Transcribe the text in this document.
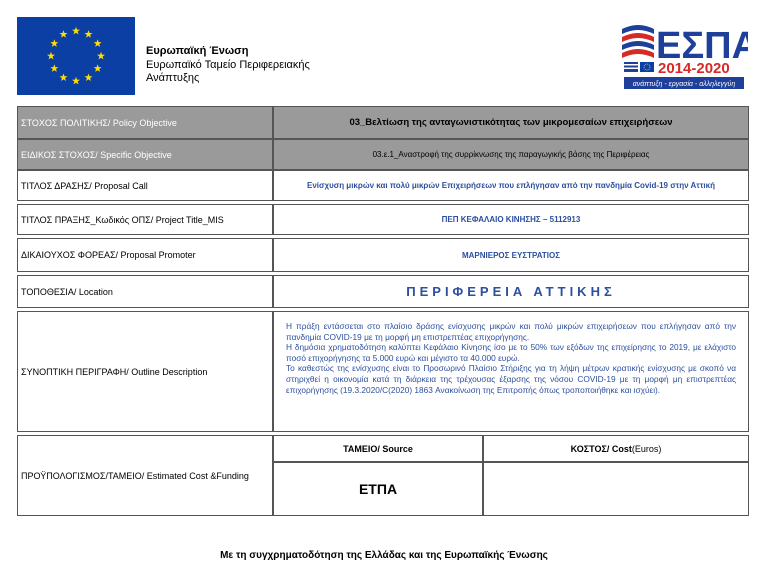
Ευρωπαϊκή Ένωση
Ευρωπαϊκό Ταμείο Περιφερειακής
Ανάπτυξης
ΕΣΠΑ
2014-2020
ανάπτυξη - εργασία - αλληλεγγύη
ΣΤΟΧΟΣ ΠΟΛΙΤΙΚΗΣ/ Policy Objective	03_Βελτίωση της ανταγωνιστικότητας των μικρομεσαίων επιχειρήσεων
ΕΙΔΙΚΟΣ ΣΤΟΧΟΣ/ Specific Objective	03.ε.1_Αναστροφή της συρρίκνωσης της παραγωγικής βάσης της Περιφέρειας
ΤΙΤΛΟΣ ΔΡΑΣΗΣ/ Proposal Call	Ενίσχυση μικρών και πολύ μικρών Επιχειρήσεων που επλήγησαν από την πανδημία Covid-19 στην Αττική
ΤΙΤΛΟΣ ΠΡΑΞΗΣ_Κωδικός ΟΠΣ/ Project Title_MIS	ΠΕΠ ΚΕΦΑΛΑΙΟ ΚΙΝΗΣΗΣ – 5112913
ΔΙΚΑΙΟΥΧΟΣ ΦΟΡΕΑΣ/ Proposal Promoter	ΜΑΡΝΙΕΡΟΣ ΕΥΣΤΡΑΤΙΟΣ
ΤΟΠΟΘΕΣΙΑ/ Location	ΠΕΡΙΦΕΡΕΙΑ ΑΤΤΙΚΗΣ
ΣΥΝΟΠΤΙΚΗ ΠΕΡΙΓΡΑΦΗ/ Outline Description

Η πράξη εντάσσεται στο πλαίσιο δράσης ενίσχυσης μικρών και πολύ μικρών επιχειρήσεων που επλήγησαν από την πανδημία COVID-19 με τη μορφή μη επιστρεπτέας επιχορήγησης.

Η δημόσια χρηματοδότηση καλύπτει Κεφάλαιο Κίνησης ίσο με το 50% των εξόδων της επιχείρησης το 2019, με ελάχιστο ποσό επιχορήγησης τα 5.000 ευρώ και μέγιστο τα 40.000 ευρώ.

Το καθεστώς της ενίσχυσης είναι το Προσωρινό Πλαίσιο Στήριξης για τη λήψη μέτρων κρατικής ενίσχυσης με σκοπό να στηριχθεί η οικονομία κατά τη διάρκεια της τρέχουσας έξαρσης της νόσου COVID-19 με τη μορφή μη επιστρεπτέας επιχορήγησης (19.3.2020/C(2020) 1863 Ανακοίνωση της Επιτροπής όπως τροποποιήθηκε και ισχύει).

ΠΡΟΫΠΟΛΟΓΙΣΜΟΣ/ΤΑΜΕΙΟ/ Estimated Cost &Funding
ΤΑΜΕΙΟ/ Source	ΚΟΣΤΟΣ/ Cost (Euros)
ΕΤΠΑ
Με τη συγχρηματοδότηση της Ελλάδας και της Ευρωπαϊκής Ένωσης
